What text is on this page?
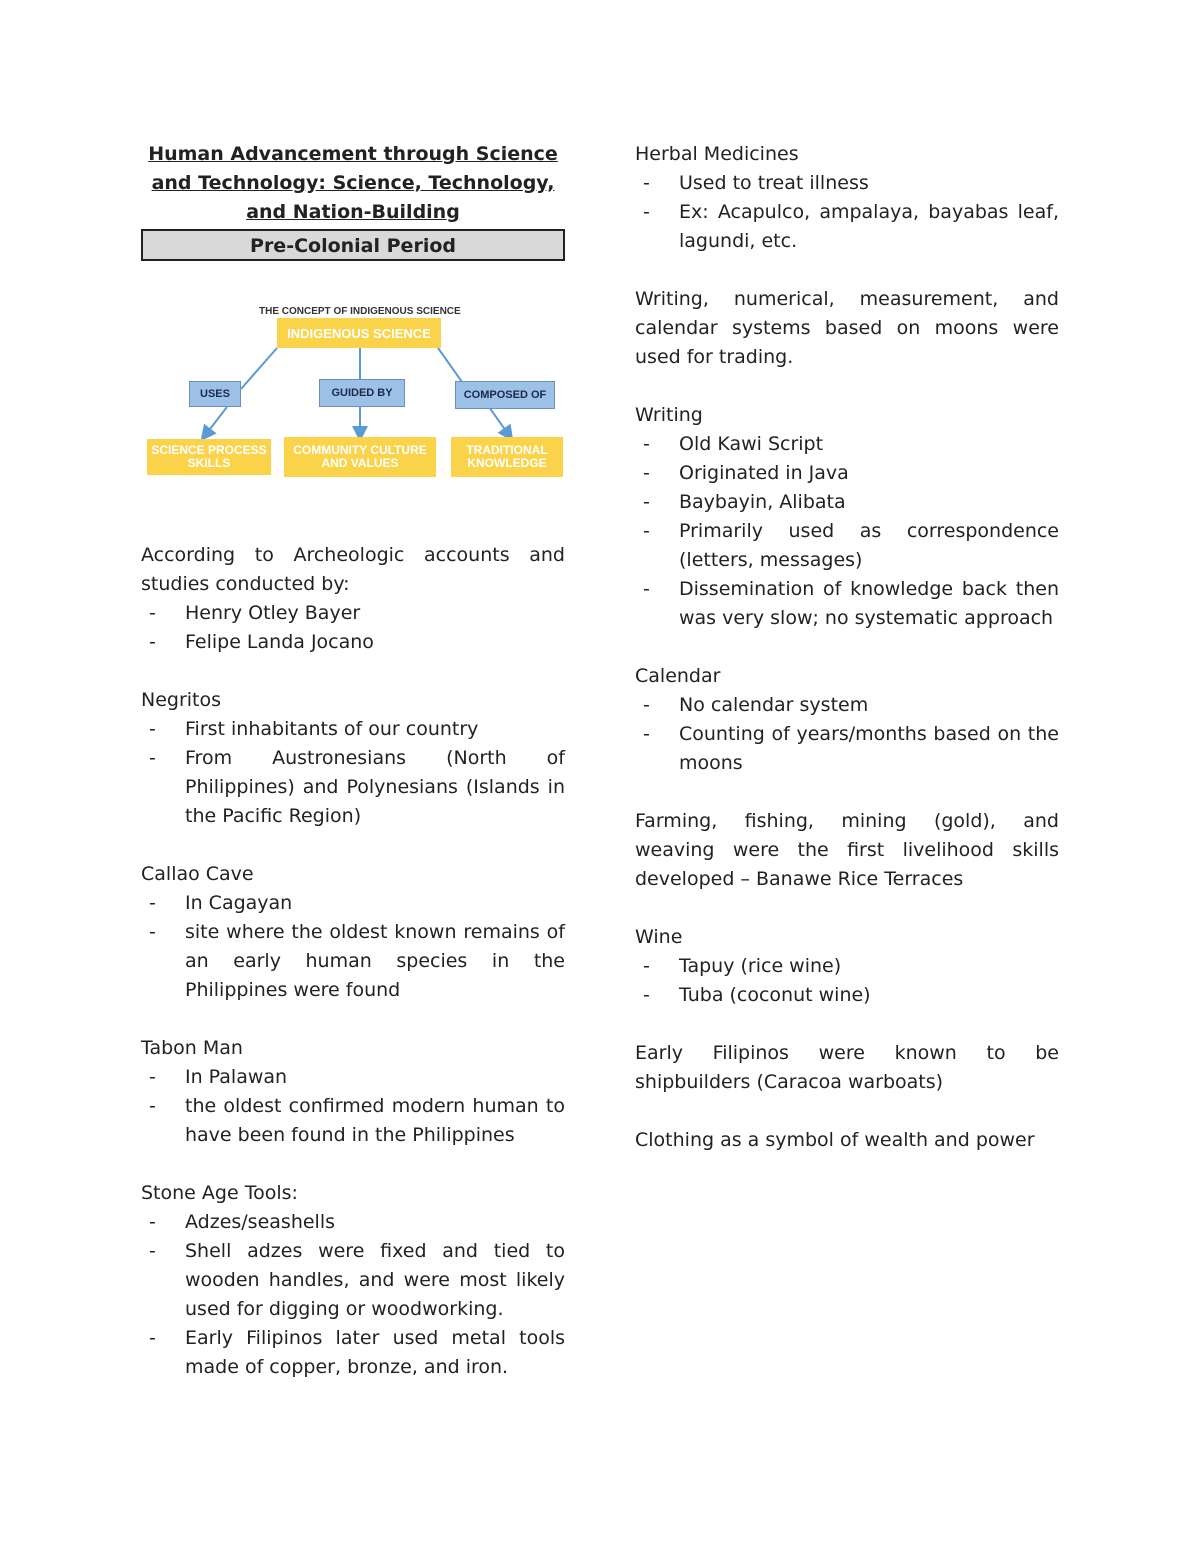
Human Advancement through Science and Technology: Science, Technology, and Nation-Building

Pre-Colonial Period
THE CONCEPT OF INDIGENOUS SCIENCE
INDIGENOUS SCIENCE
USES	GUIDED BY	COMPOSED OF
SCIENCE PROCESS SKILLS
COMMUNITY CULTURE AND VALUES
TRADITIONAL KNOWLEDGE
According to Archeologic accounts and studies conducted by:
- Henry Otley Bayer
- Felipe Landa Jocano
Negritos
- First inhabitants of our country
- From Austronesians (North of Philippines) and Polynesians (Islands in the Pacific Region)
Callao Cave
- In Cagayan
- site where the oldest known remains of an early human species in the Philippines were found
Tabon Man
- In Palawan
- the oldest confirmed modern human to have been found in the Philippines
Stone Age Tools:
- Adzes/seashells
- Shell adzes were fixed and tied to wooden handles, and were most likely used for digging or woodworking.
- Early Filipinos later used metal tools made of copper, bronze, and iron.
Herbal Medicines
- Used to treat illness
- Ex: Acapulco, ampalaya, bayabas leaf, lagundi, etc.
Writing, numerical, measurement, and calendar systems based on moons were used for trading.
Writing
- Old Kawi Script
- Originated in Java
- Baybayin, Alibata
- Primarily used as correspondence (letters, messages)
- Dissemination of knowledge back then was very slow; no systematic approach
Calendar
- No calendar system
- Counting of years/months based on the moons
Farming, fishing, mining (gold), and weaving were the first livelihood skills developed – Banawe Rice Terraces
Wine
- Tapuy (rice wine)
- Tuba (coconut wine)
Early Filipinos were known to be shipbuilders (Caracoa warboats)
Clothing as a symbol of wealth and power
